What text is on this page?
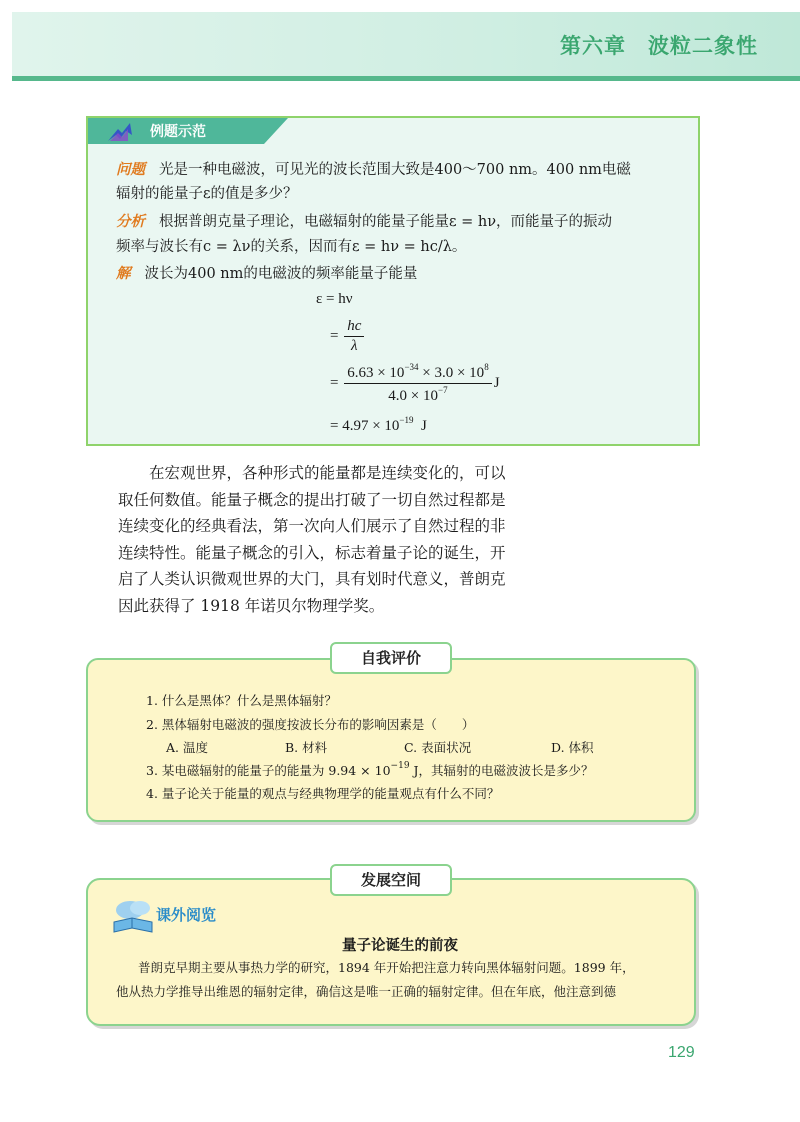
第六章 波粒二象性
例题示范
问题 光是一种电磁波，可见光的波长范围大致是400～700 nm。400 nm电磁
辐射的能量子ε的值是多少？
分析 根据普朗克量子理论，电磁辐射的能量子能量ε = hν，而能量子的振动
频率与波长有c = λν的关系，因而有ε = hν = hc/λ。
解 波长为400 nm的电磁波的频率能量子能量
ε = hν
= $\frac{hc}{\lambda}$
= $\frac{6.63 \times 10^{-34} \times 3.0 \times 10^8}{4.0 \times 10^{-7}}$ J
= $4.97 \times 10^{-19}$ J

在宏观世界，各种形式的能量都是连续变化的，可以

取任何数值。能量子概念的提出打破了一切自然过程都是

连续变化的经典看法，第一次向人们展示了自然过程的非

连续特性。能量子概念的引入，标志着量子论的诞生，开

启了人类认识微观世界的大门，具有划时代意义，普朗克

因此获得了 1918 年诺贝尔物理学奖。

自我评价
1. 什么是黑体？什么是黑体辐射？
2. 黑体辐射电磁波的强度按波长分布的影响因素是（　　）
A. 温度	B. 材料	C. 表面状况	D. 体积
3. 某电磁辐射的能量子的能量为 $9.94 \times 10^{-19}$ J，其辐射的电磁波波长是多少？
4. 量子论关于能量的观点与经典物理学的能量观点有什么不同？
发展空间
课外阅览
量子论诞生的前夜
普朗克早期主要从事热力学的研究，1894 年开始把注意力转向黑体辐射问题。1899 年，
他从热力学推导出维恩的辐射定律，确信这是唯一正确的辐射定律。但在年底，他注意到德
129
